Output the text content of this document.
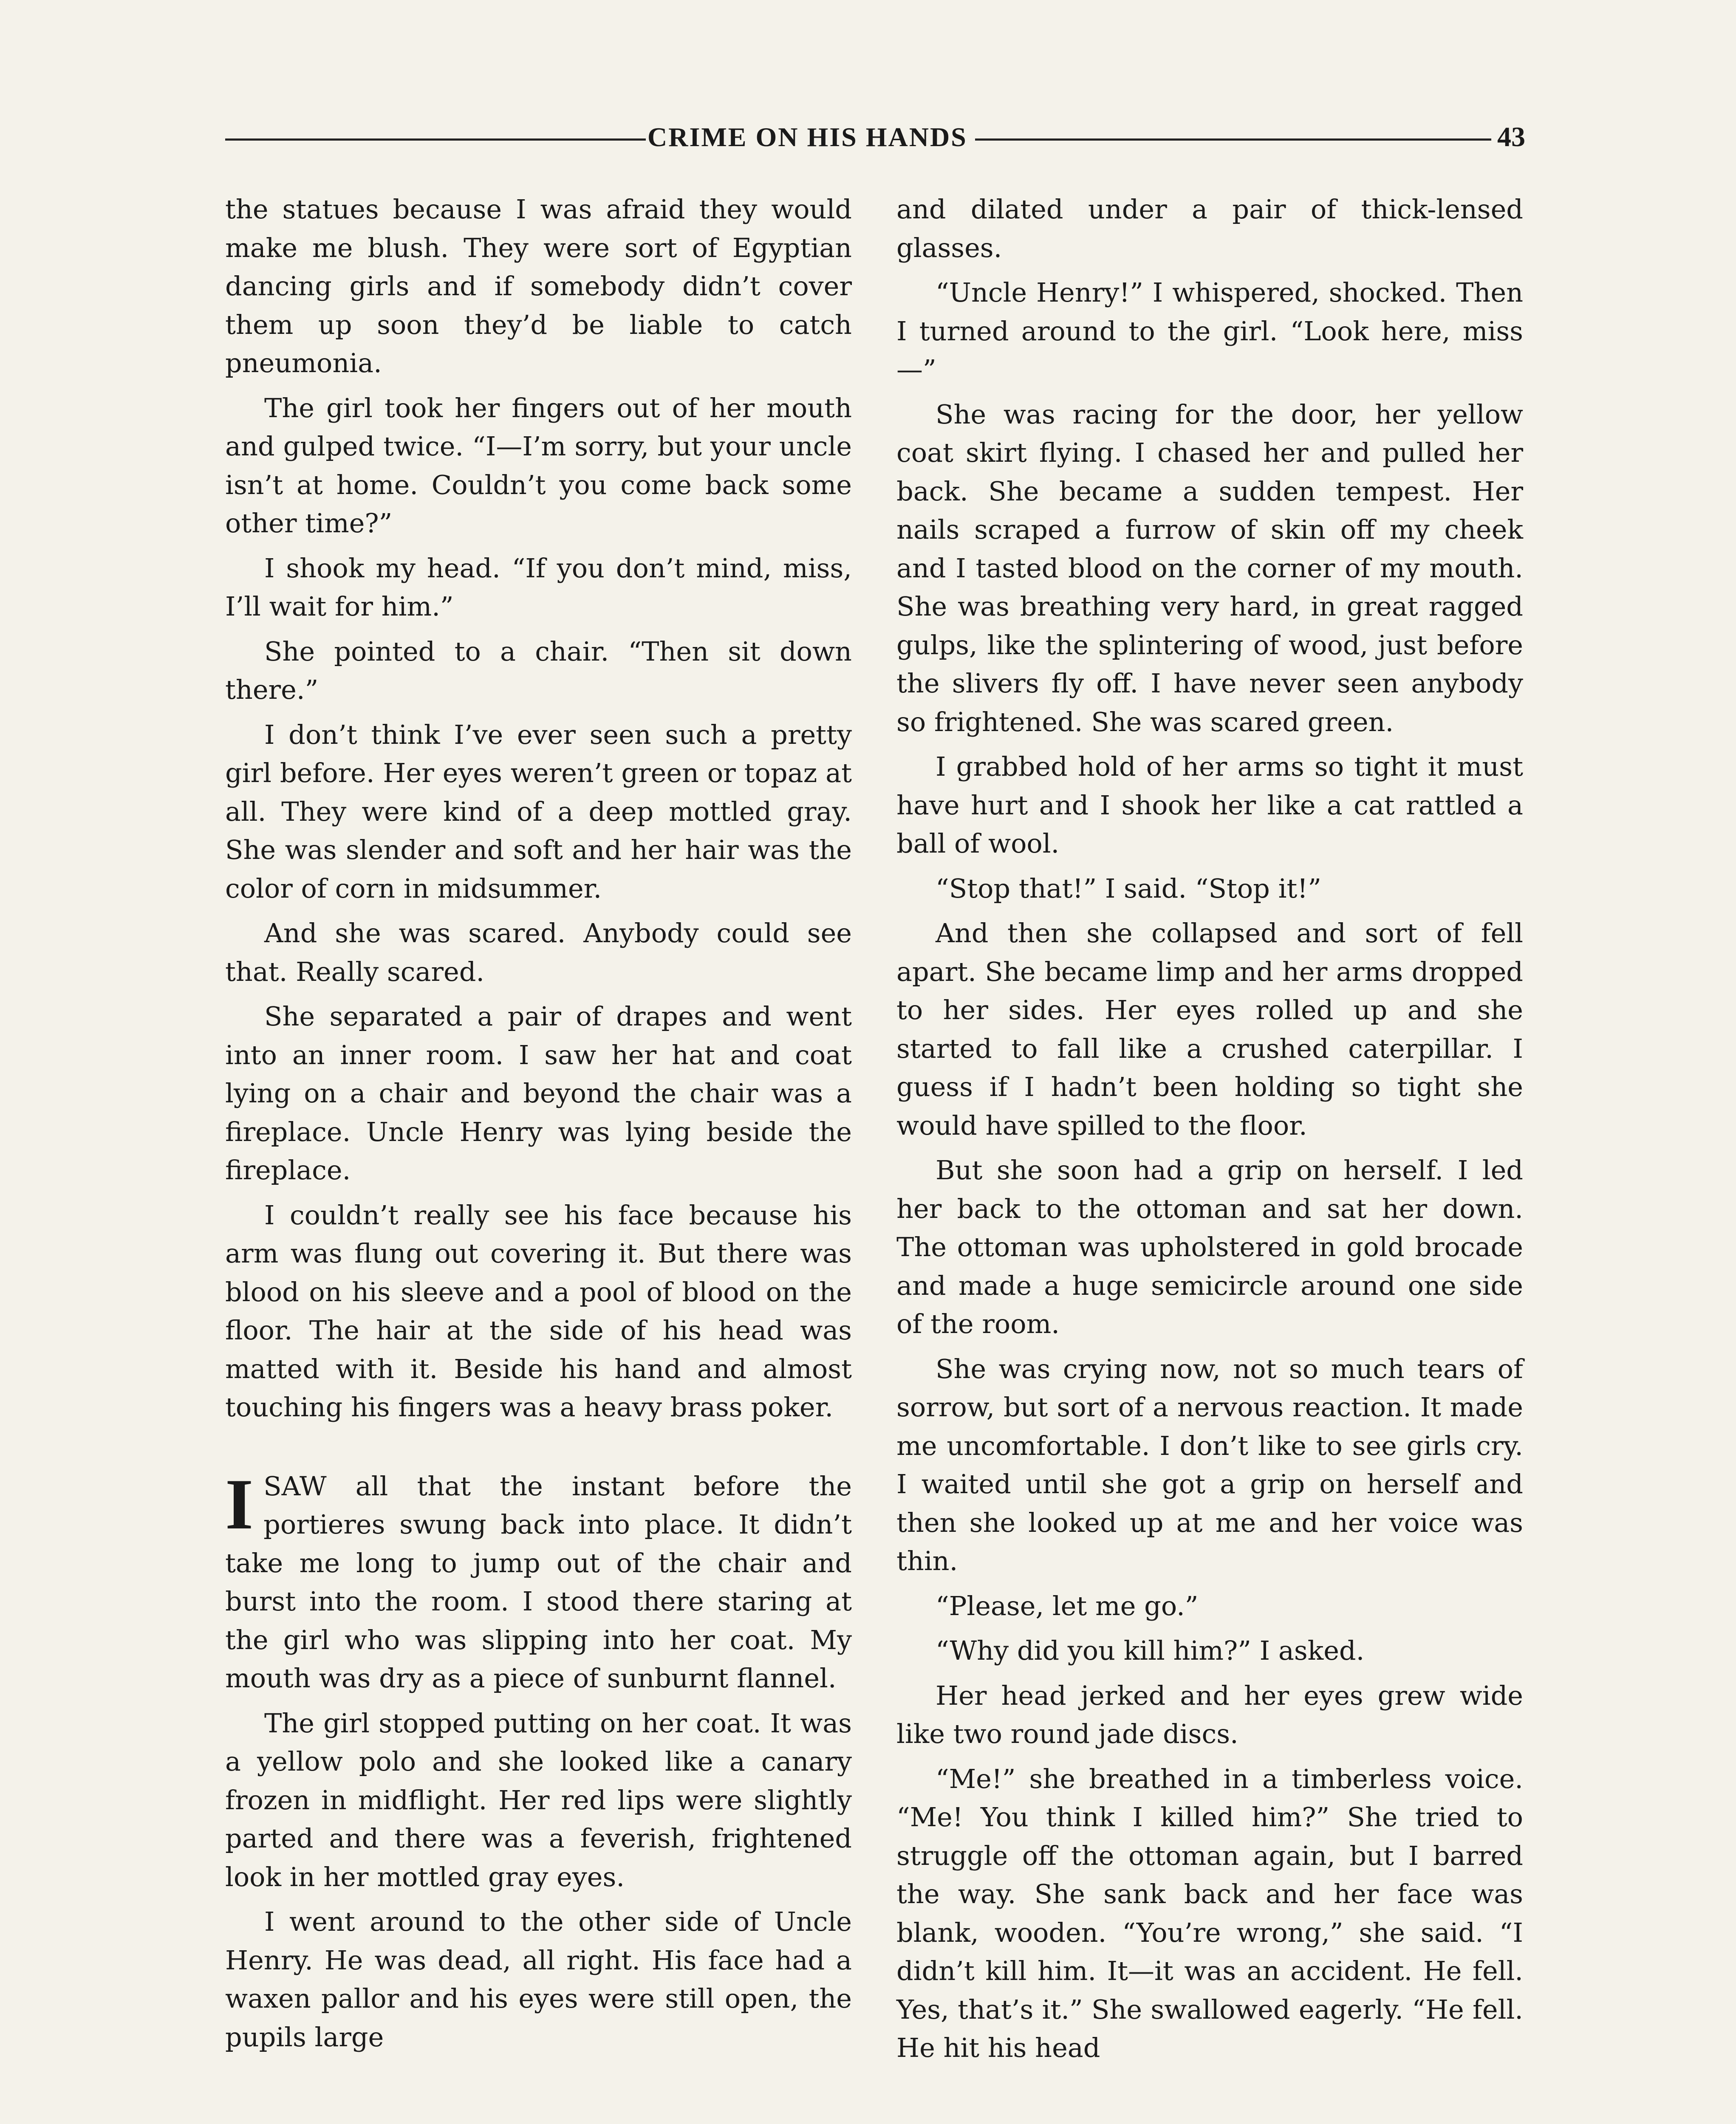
CRIME ON HIS HANDS	43

the statues because I was afraid they would make me blush. They were sort of Egyptian dancing girls and if somebody didn’t cover them up soon they’d be liable to catch pneumonia.

The girl took her fingers out of her mouth and gulped twice. “I—I’m sorry, but your uncle isn’t at home. Couldn’t you come back some other time?”

I shook my head. “If you don’t mind, miss, I’ll wait for him.”

She pointed to a chair. “Then sit down there.”

I don’t think I’ve ever seen such a pretty girl before. Her eyes weren’t green or topaz at all. They were kind of a deep mottled gray. She was slender and soft and her hair was the color of corn in midsummer.

And she was scared. Anybody could see that. Really scared.

She separated a pair of drapes and went into an inner room. I saw her hat and coat lying on a chair and beyond the chair was a fireplace. Uncle Henry was lying beside the fireplace.

I couldn’t really see his face because his arm was flung out covering it. But there was blood on his sleeve and a pool of blood on the floor. The hair at the side of his head was matted with it. Beside his hand and almost touching his fingers was a heavy brass poker.

I SAW all that the instant before the portieres swung back into place. It didn’t take me long to jump out of the chair and burst into the room. I stood there staring at the girl who was slipping into her coat. My mouth was dry as a piece of sunburnt flannel.

The girl stopped putting on her coat. It was a yellow polo and she looked like a canary frozen in midflight. Her red lips were slightly parted and there was a feverish, frightened look in her mottled gray eyes.

I went around to the other side of Uncle Henry. He was dead, all right. His face had a waxen pallor and his eyes were still open, the pupils large

and dilated under a pair of thick-lensed glasses.

“Uncle Henry!” I whispered, shocked. Then I turned around to the girl. “Look here, miss—”

She was racing for the door, her yellow coat skirt flying. I chased her and pulled her back. She became a sudden tempest. Her nails scraped a furrow of skin off my cheek and I tasted blood on the corner of my mouth. She was breathing very hard, in great ragged gulps, like the splintering of wood, just before the slivers fly off. I have never seen anybody so frightened. She was scared green.

I grabbed hold of her arms so tight it must have hurt and I shook her like a cat rattled a ball of wool.

“Stop that!” I said. “Stop it!”

And then she collapsed and sort of fell apart. She became limp and her arms dropped to her sides. Her eyes rolled up and she started to fall like a crushed caterpillar. I guess if I hadn’t been holding so tight she would have spilled to the floor.

But she soon had a grip on herself. I led her back to the ottoman and sat her down. The ottoman was upholstered in gold brocade and made a huge semicircle around one side of the room.

She was crying now, not so much tears of sorrow, but sort of a nervous reaction. It made me uncomfortable. I don’t like to see girls cry. I waited until she got a grip on herself and then she looked up at me and her voice was thin.

“Please, let me go.”

“Why did you kill him?” I asked.

Her head jerked and her eyes grew wide like two round jade discs.

“Me!” she breathed in a timberless voice. “Me! You think I killed him?” She tried to struggle off the ottoman again, but I barred the way. She sank back and her face was blank, wooden. “You’re wrong,” she said. “I didn’t kill him. It—it was an accident. He fell. Yes, that’s it.” She swallowed eagerly. “He fell. He hit his head
